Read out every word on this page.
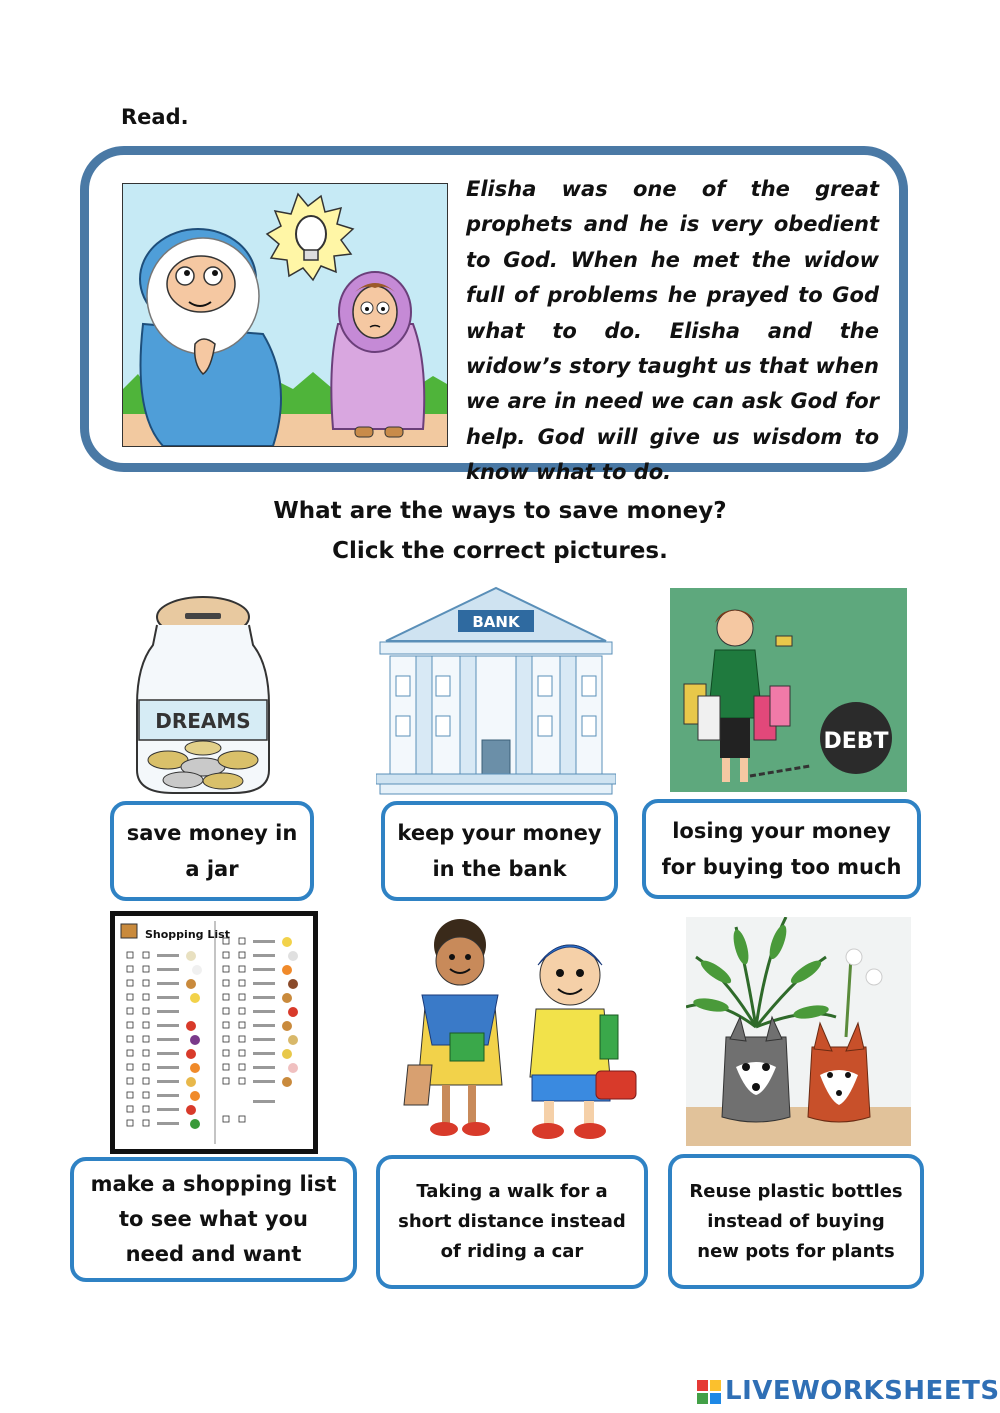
Read.
Elisha was one of the great prophets and he is very obedient to God. When he met the widow full of problems he prayed to God what to do. Elisha and the widow’s story taught us that when we are in need we can ask God for help. God will give us wisdom to know what to do.
What are the ways to save money?
Click the correct pictures.
DREAMS
BANK
DEBT
save money in
a jar
keep your money
in the bank
losing your money
for buying too much
Shopping List
make a shopping list
to see what you
need and want
Taking a walk for a
short distance instead
of riding a car
Reuse plastic bottles
instead of buying
new pots for plants
LIVEWORKSHEETS
